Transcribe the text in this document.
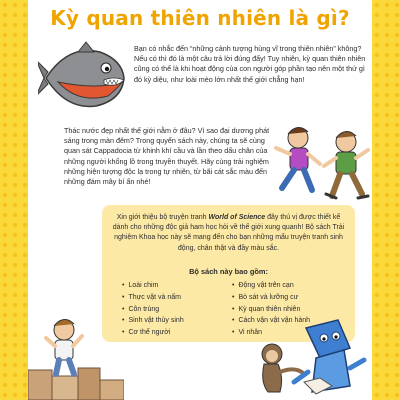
Kỳ quan thiên nhiên là gì?
Bạn có nhắc đến “những cảnh tượng hùng vĩ trong thiên nhiên” không? Nếu có thì đó là một câu trả lời đúng đấy! Tuy nhiên, kỳ quan thiên nhiên cũng có thể là khi hoạt động của con người góp phần tạo nên một thứ gì đó kỳ diệu, như loài mèo lớn nhất thế giới chẳng hạn!
Thác nước đẹp nhất thế giới nằm ở đâu? Vì sao đại dương phát sáng trong màn đêm? Trong quyển sách này, chúng ta sẽ cùng quan sát Cappadocia từ khinh khí cầu và lần theo dấu chân của những người khổng lồ trong truyền thuyết. Hãy cùng trải nghiệm những hiện tượng độc lạ trong tự nhiên, từ bãi cát sắc màu đến những đám mây bí ẩn nhé!
Xin giới thiệu bộ truyện tranh World of Science đây thú vị được thiết kế dành cho những độc giả ham học hỏi về thế giới xung quanh! Bộ sách Trải nghiệm Khoa học này sẽ mang đến cho bạn những mẩu truyện tranh sinh động, chân thật và đầy màu sắc.
Bộ sách này bao gồm:
• Loài chim
• Thực vật và nấm
• Côn trùng
• Sinh vật thủy sinh
• Cơ thể người
• Động vật trên cạn
• Bò sát và lưỡng cư
• Kỳ quan thiên nhiên
• Cách vận vật vận hành
• Vi nhân
